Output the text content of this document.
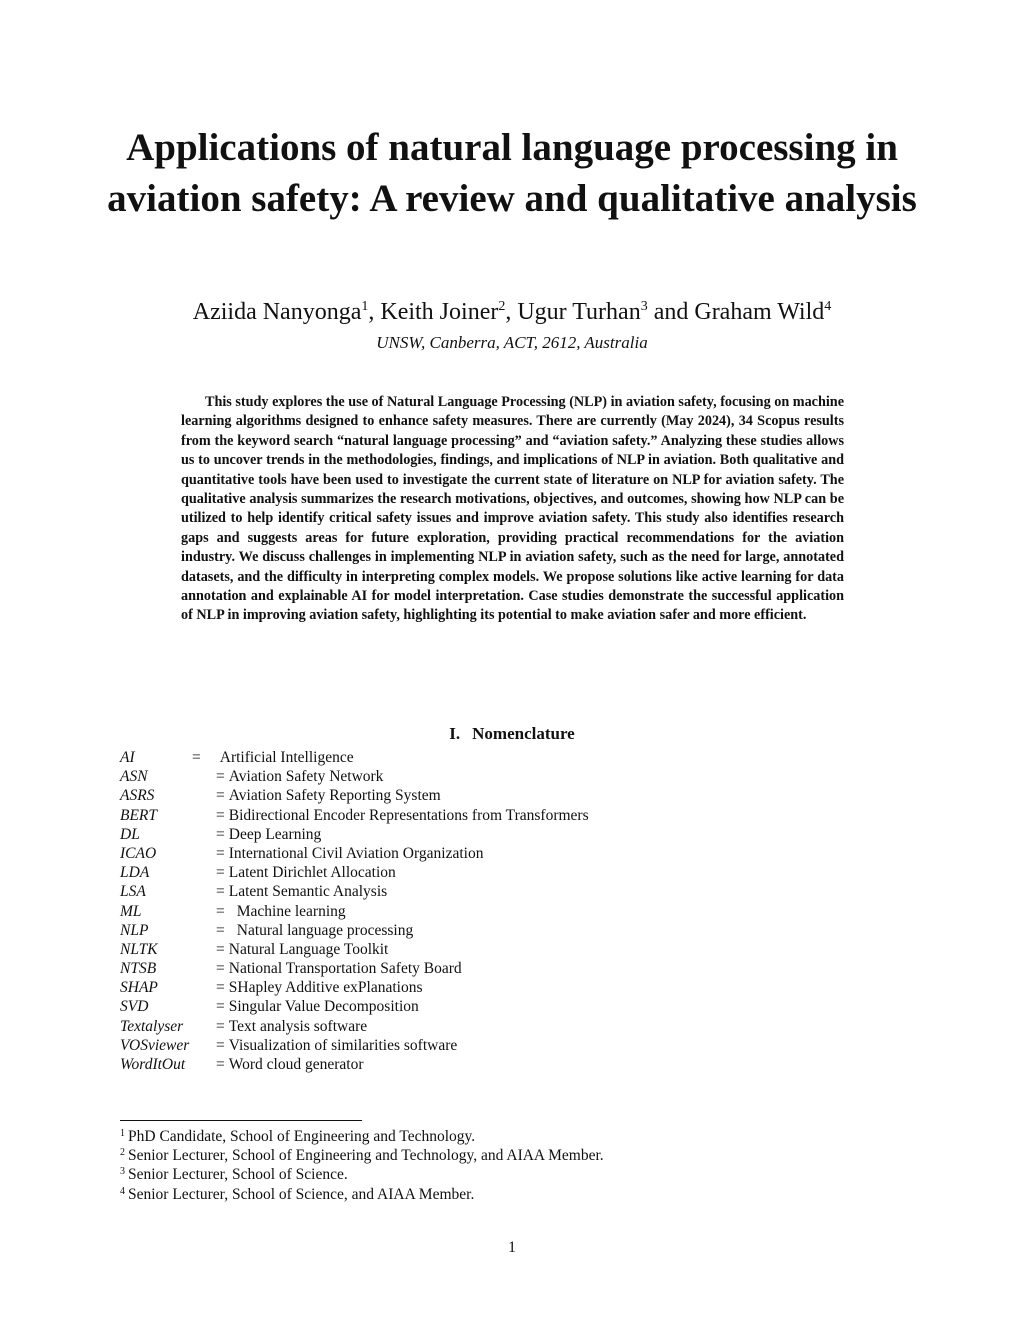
Applications of natural language processing in aviation safety: A review and qualitative analysis
Aziida Nanyonga$^1$, Keith Joiner$^2$, Ugur Turhan$^3$ and Graham Wild$^4$
UNSW, Canberra, ACT, 2612, Australia

This study explores the use of Natural Language Processing (NLP) in aviation safety, focusing on machine learning algorithms designed to enhance safety measures. There are currently (May 2024), 34 Scopus results from the keyword search “natural language processing” and “aviation safety.” Analyzing these studies allows us to uncover trends in the methodologies, findings, and implications of NLP in aviation. Both qualitative and quantitative tools have been used to investigate the current state of literature on NLP for aviation safety. The qualitative analysis summarizes the research motivations, objectives, and outcomes, showing how NLP can be utilized to help identify critical safety issues and improve aviation safety. This study also identifies research gaps and suggests areas for future exploration, providing practical recommendations for the aviation industry. We discuss challenges in implementing NLP in aviation safety, such as the need for large, annotated datasets, and the difficulty in interpreting complex models. We propose solutions like active learning for data annotation and explainable AI for model interpretation. Case studies demonstrate the successful application of NLP in improving aviation safety, highlighting its potential to make aviation safer and more efficient.

I. Nomenclature
AI	= Artificial Intelligence
ASN	= Aviation Safety Network
ASRS	= Aviation Safety Reporting System
BERT	= Bidirectional Encoder Representations from Transformers
DL	= Deep Learning
ICAO	= International Civil Aviation Organization
LDA	= Latent Dirichlet Allocation
LSA	= Latent Semantic Analysis
ML	= Machine learning
NLP	= Natural language processing
NLTK	= Natural Language Toolkit
NTSB	= National Transportation Safety Board
SHAP	= SHapley Additive exPlanations
SVD	= Singular Value Decomposition
Textalyser = Text analysis software
VOSviewer = Visualization of similarities software
WordItOut = Word cloud generator
$^1$ PhD Candidate, School of Engineering and Technology.
$^2$ Senior Lecturer, School of Engineering and Technology, and AIAA Member.
$^3$ Senior Lecturer, School of Science.
$^4$ Senior Lecturer, School of Science, and AIAA Member.
1
